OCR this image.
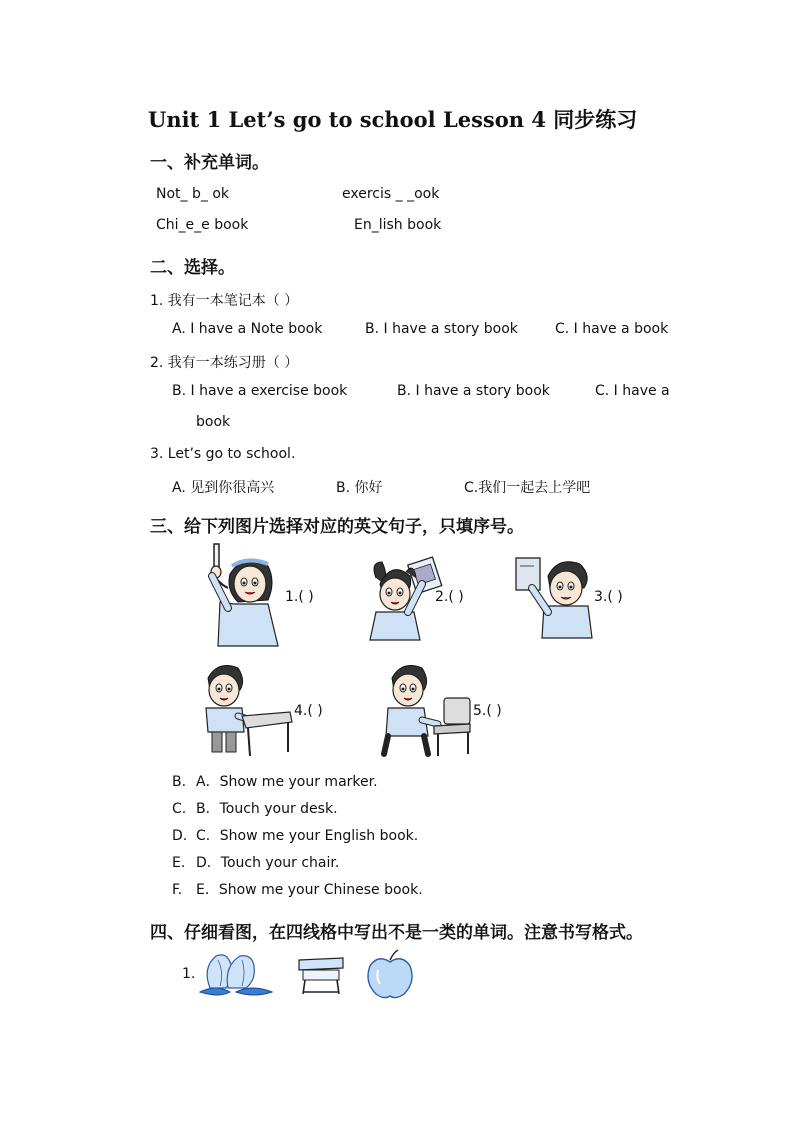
Unit 1 Let’s go to school Lesson 4 同步练习
一、补充单词。
Not_ b_ ok	exercis _ _ook
Chi_e_e book	En_lish book
二、选择。
1. 我有一本笔记本（ ）
A. I have a Note book	B. I have a story book	C. I have a book
2. 我有一本练习册（ ）
B. I have a exercise book	B. I have a story book	C. I have a
book
3. Let’s go to school.
A. 见到你很高兴	B. 你好	C.我们一起去上学吧
三、给下列图片选择对应的英文句子，只填序号。
1.( )	2.( )	3.( )
4.( )	5.( )
B. A．Show me your marker.
C. B．Touch your desk.
D. C．Show me your English book.
E. D．Touch your chair.
F. E．Show me your Chinese book.
四、仔细看图，在四线格中写出不是一类的单词。注意书写格式。
1.
